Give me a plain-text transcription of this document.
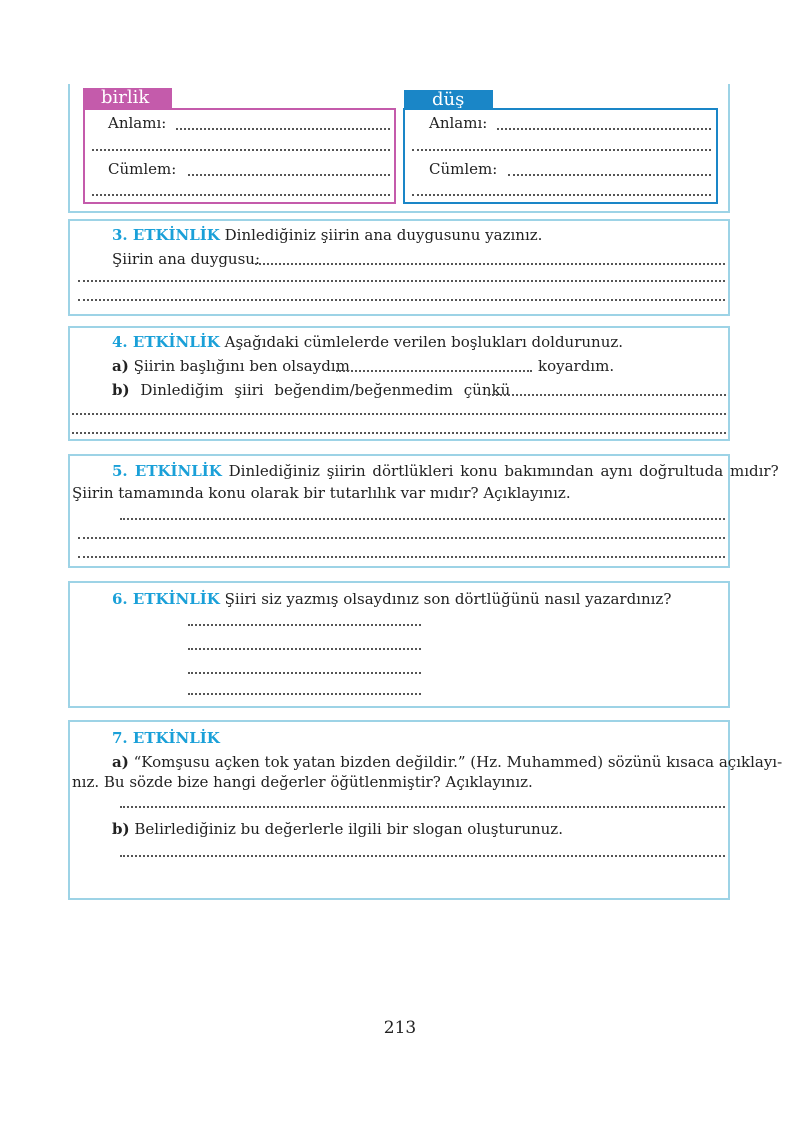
birlik
Anlamı:
Cümlem:
düş
Anlamı:
Cümlem:
3. ETKİNLİK Dinlediğiniz şiirin ana duygusunu yazınız.
Şiirin ana duygusu:
4. ETKİNLİK Aşağıdaki cümlelerde verilen boşlukları doldurunuz.
a) Şiirin başlığını ben olsaydım	koyardım.
b) Dinlediğim şiiri beğendim/beğenmedim çünkü
5. ETKİNLİK Dinlediğiniz şiirin dörtlükleri konu bakımından aynı doğrultuda mıdır?
Şiirin tamamında konu olarak bir tutarlılık var mıdır? Açıklayınız.
6. ETKİNLİK Şiiri siz yazmış olsaydınız son dörtlüğünü nasıl yazardınız?
7. ETKİNLİK
a) “Komşusu açken tok yatan bizden değildir.” (Hz. Muhammed) sözünü kısaca açıklayı-
nız. Bu sözde bize hangi değerler öğütlenmiştir? Açıklayınız.
b) Belirlediğiniz bu değerlerle ilgili bir slogan oluşturunuz.
213
